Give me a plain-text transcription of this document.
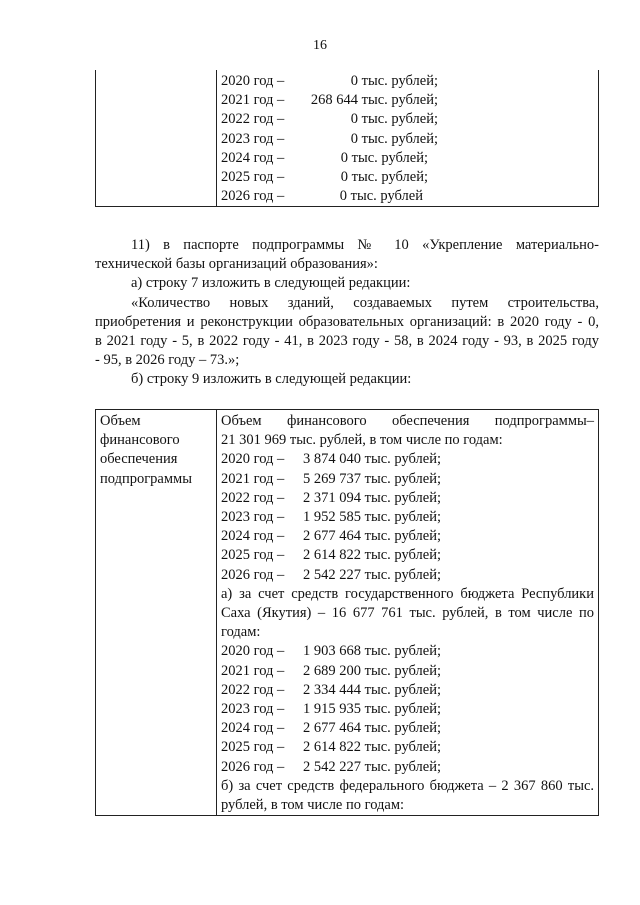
16

2020 год –	0 тыс. рублей;
2021 год – 268 644 тыс. рублей;
2022 год –	0 тыс. рублей;
2023 год –	0 тыс. рублей;
2024 год –	0 тыс. рублей;
2025 год –	0 тыс. рублей;
2026 год –	0 тыс. рублей
11) в паспорте подпрограммы № 10 «Укрепление материально-
технической базы организаций образования»:
а) строку 7 изложить в следующей редакции:
«Количество новых зданий, создаваемых путем строительства,
приобретения и реконструкции образовательных организаций: в 2020 году - 0,
в 2021 году - 5, в 2022 году - 41, в 2023 году - 58, в 2024 году - 93, в 2025 году
- 95, в 2026 году – 73.»;
б) строку 9 изложить в следующей редакции:
Объем
финансового
обеспечения
подпрограммы

Объем финансового обеспечения подпрограммы–
21 301 969 тыс. рублей, в том числе по годам:
2020 год – 3 874 040 тыс. рублей;
2021 год – 5 269 737 тыс. рублей;
2022 год – 2 371 094 тыс. рублей;
2023 год – 1 952 585 тыс. рублей;
2024 год – 2 677 464 тыс. рублей;
2025 год – 2 614 822 тыс. рублей;
2026 год – 2 542 227 тыс. рублей;
а) за счет средств государственного бюджета Республики
Саха (Якутия) – 16 677 761 тыс. рублей, в том числе по
годам:
2020 год – 1 903 668 тыс. рублей;
2021 год – 2 689 200 тыс. рублей;
2022 год – 2 334 444 тыс. рублей;
2023 год – 1 915 935 тыс. рублей;
2024 год – 2 677 464 тыс. рублей;
2025 год – 2 614 822 тыс. рублей;
2026 год – 2 542 227 тыс. рублей;
б) за счет средств федерального бюджета – 2 367 860 тыс.
рублей, в том числе по годам:
